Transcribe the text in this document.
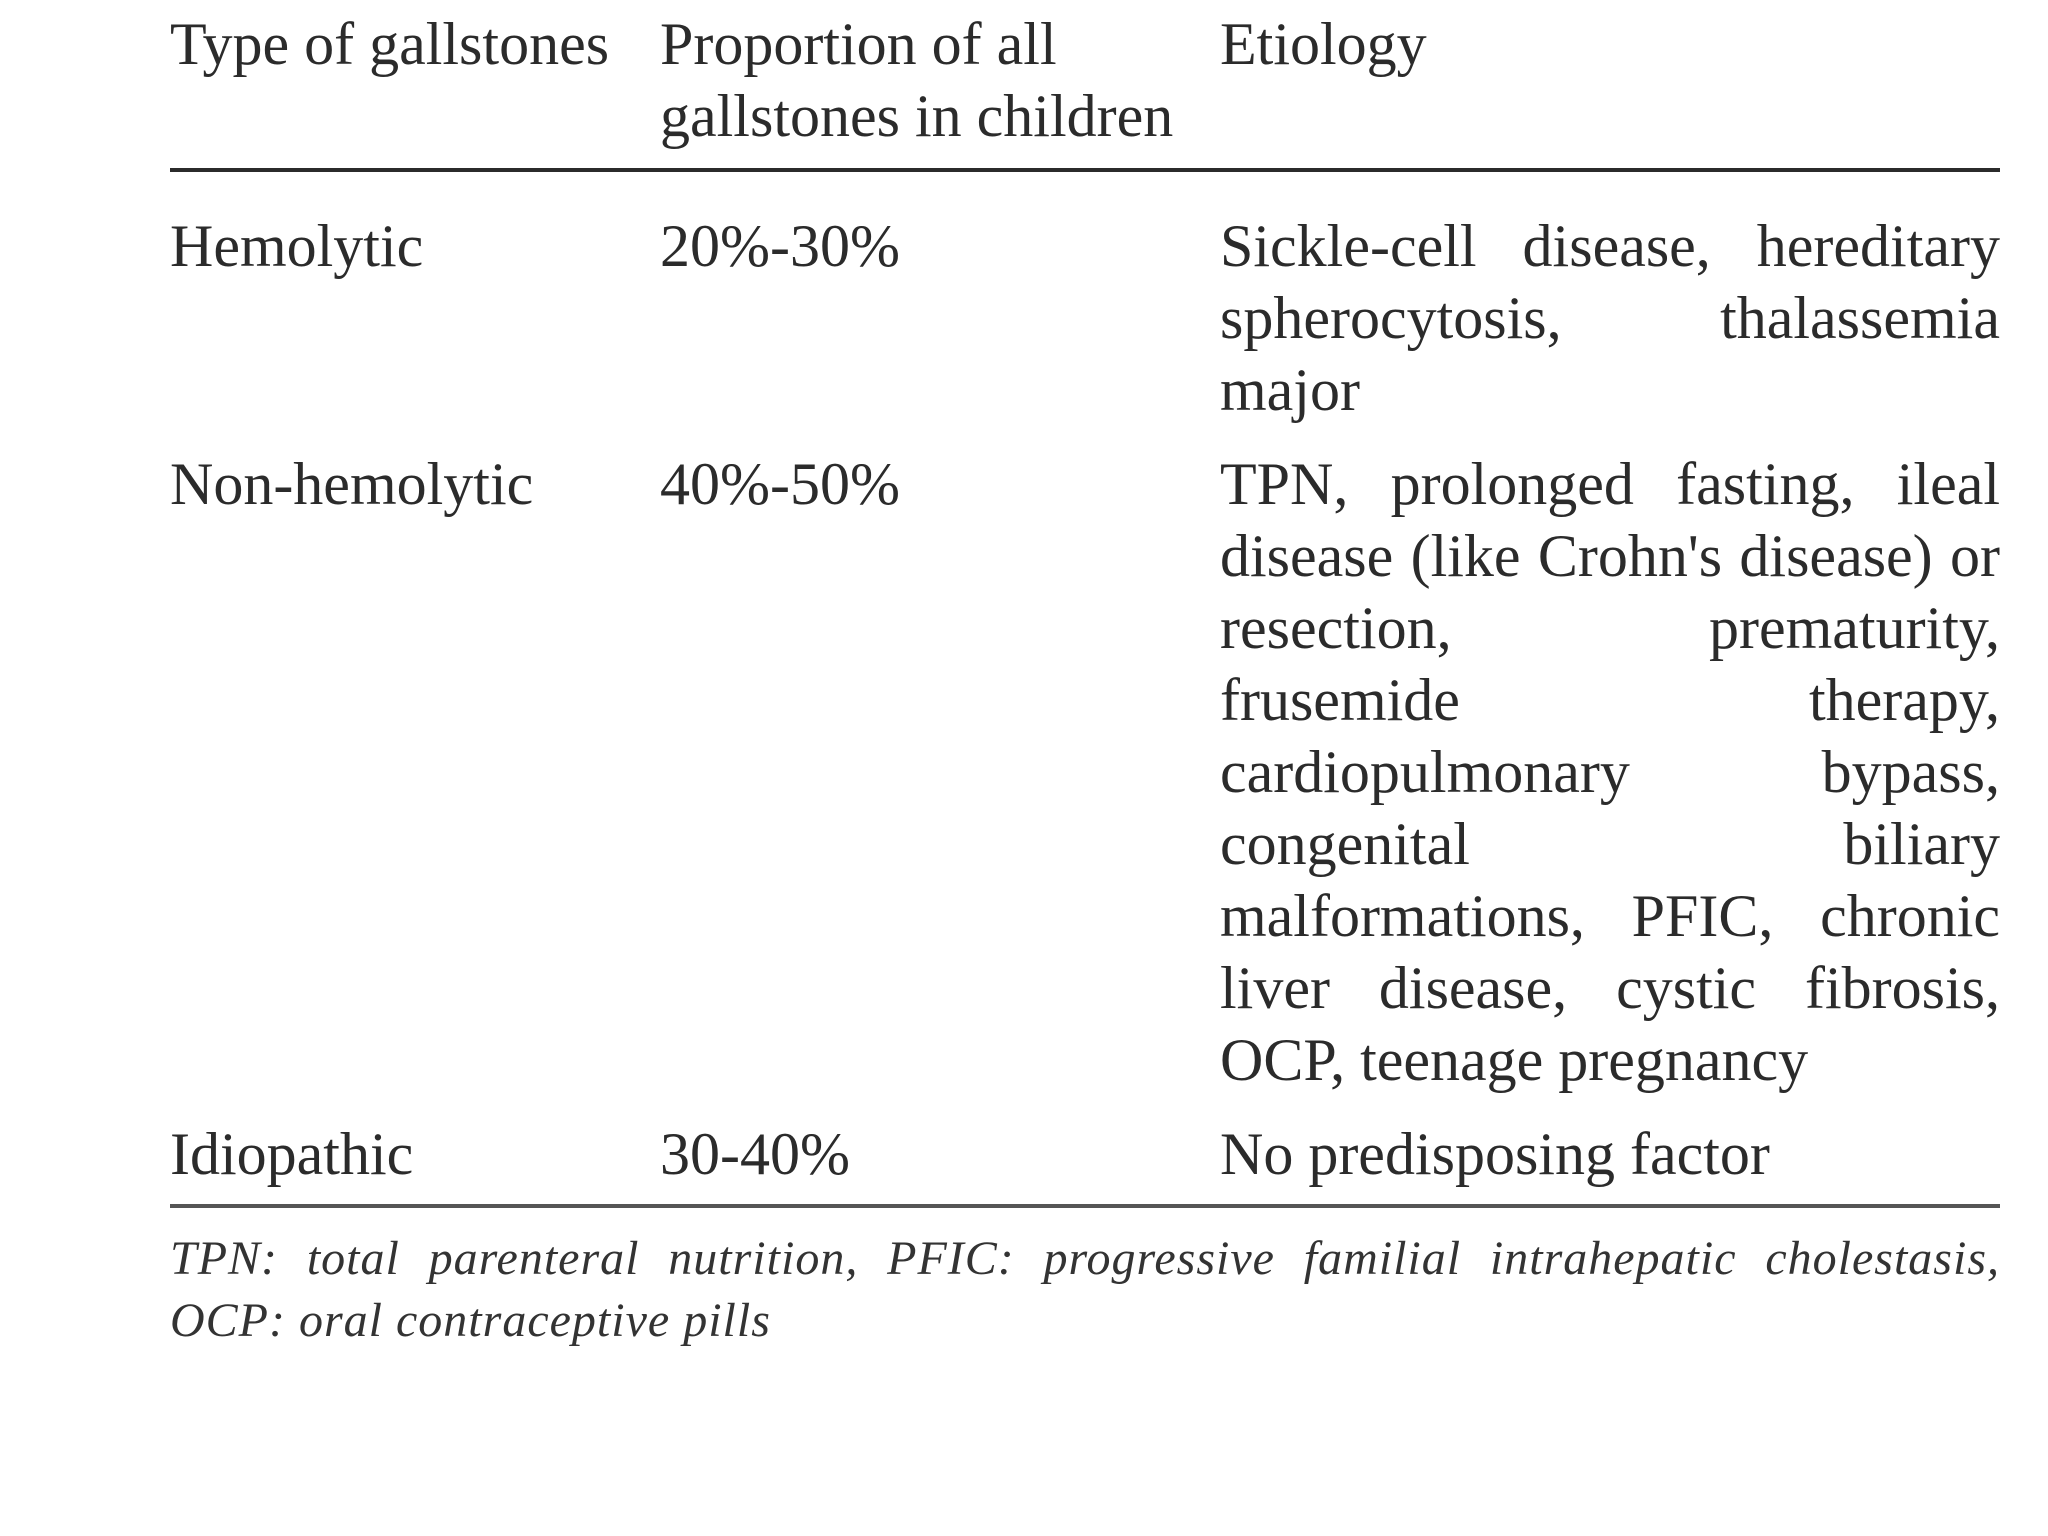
Type of gallstones	Proportion of all gallstones in children	Etiology
Hemolytic	20%-30%	Sickle-cell disease, hereditary spherocytosis, thalassemia major
Non-hemolytic	40%-50%	TPN, prolonged fasting, ileal disease (like Crohn's disease) or resection, prematurity, frusemide therapy, cardiopulmonary bypass, congenital biliary malformations, PFIC, chronic liver disease, cystic fibrosis, OCP, teenage pregnancy
Idiopathic	30-40%	No predisposing factor
TPN: total parenteral nutrition, PFIC: progressive familial intrahepatic cholestasis, OCP: oral contraceptive pills
